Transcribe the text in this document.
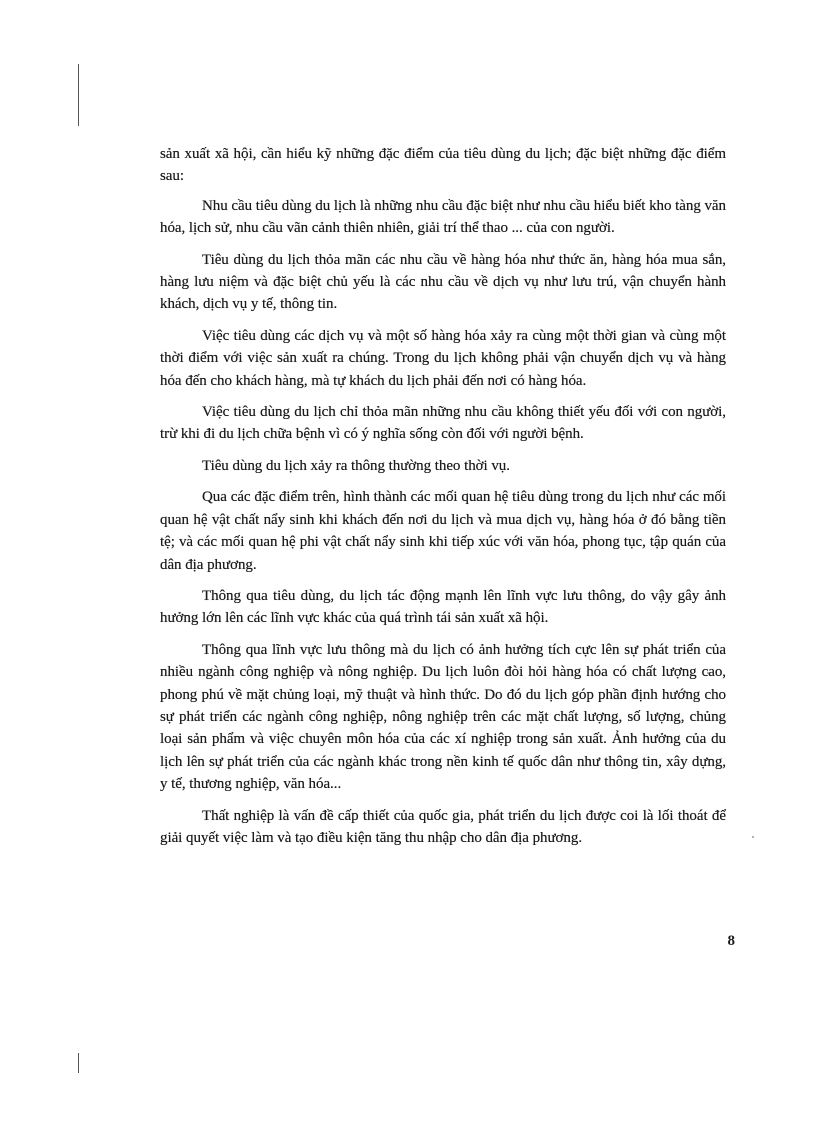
sản xuất xã hội, cần hiểu kỹ những đặc điểm của tiêu dùng du lịch; đặc biệt những đặc điểm sau:

Nhu cầu tiêu dùng du lịch là những nhu cầu đặc biệt như nhu cầu hiểu biết kho tàng văn hóa, lịch sử, nhu cầu vãn cảnh thiên nhiên, giải trí thể thao ... của con người.

Tiêu dùng du lịch thỏa mãn các nhu cầu về hàng hóa như thức ăn, hàng hóa mua sắn, hàng lưu niệm và đặc biệt chủ yếu là các nhu cầu về dịch vụ như lưu trú, vận chuyển hành khách, dịch vụ y tế, thông tin.

Việc tiêu dùng các dịch vụ và một số hàng hóa xảy ra cùng một thời gian và cùng một thời điểm với việc sản xuất ra chúng. Trong du lịch không phải vận chuyển dịch vụ và hàng hóa đến cho khách hàng, mà tự khách du lịch phải đến nơi có hàng hóa.

Việc tiêu dùng du lịch chỉ thỏa mãn những nhu cầu không thiết yếu đối với con người, trừ khi đi du lịch chữa bệnh vì có ý nghĩa sống còn đối với người bệnh.

Tiêu dùng du lịch xảy ra thông thường theo thời vụ.

Qua các đặc điểm trên, hình thành các mối quan hệ tiêu dùng trong du lịch như các mối quan hệ vật chất nẩy sinh khi khách đến nơi du lịch và mua dịch vụ, hàng hóa ở đó bằng tiền tệ; và các mối quan hệ phi vật chất nẩy sinh khi tiếp xúc với văn hóa, phong tục, tập quán của dân địa phương.

Thông qua tiêu dùng, du lịch tác động mạnh lên lĩnh vực lưu thông, do vậy gây ảnh hưởng lớn lên các lĩnh vực khác của quá trình tái sản xuất xã hội.

Thông qua lĩnh vực lưu thông mà du lịch có ảnh hưởng tích cực lên sự phát triển của nhiều ngành công nghiệp và nông nghiệp. Du lịch luôn đòi hỏi hàng hóa có chất lượng cao, phong phú về mặt chủng loại, mỹ thuật và hình thức. Do đó du lịch góp phần định hướng cho sự phát triển các ngành công nghiệp, nông nghiệp trên các mặt chất lượng, số lượng, chủng loại sản phẩm và việc chuyên môn hóa của các xí nghiệp trong sản xuất. Ảnh hưởng của du lịch lên sự phát triển của các ngành khác trong nền kinh tế quốc dân như thông tin, xây dựng, y tế, thương nghiệp, văn hóa...

Thất nghiệp là vấn đề cấp thiết của quốc gia, phát triển du lịch được coi là lối thoát để giải quyết việc làm và tạo điều kiện tăng thu nhập cho dân địa phương.

8
